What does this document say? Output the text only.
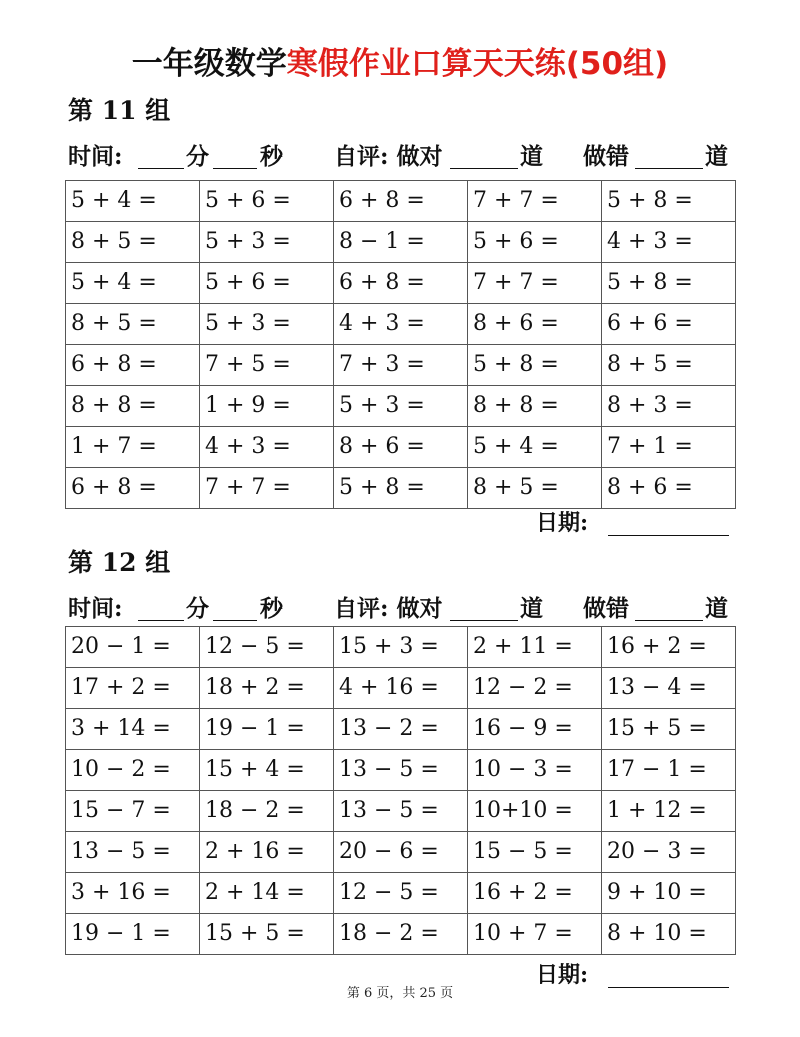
一年级数学寒假作业口算天天练(50组)
第 11 组
时间:	分 秒 自评: 做对	道 做错	道
5 + 4 =	5 + 6 =	6 + 8 =	7 + 7 =	5 + 8 =
8 + 5 =	5 + 3 =	8 − 1 =	5 + 6 =	4 + 3 =
5 + 4 =	5 + 6 =	6 + 8 =	7 + 7 =	5 + 8 =
8 + 5 =	5 + 3 =	4 + 3 =	8 + 6 =	6 + 6 =
6 + 8 =	7 + 5 =	7 + 3 =	5 + 8 =	8 + 5 =
8 + 8 =	1 + 9 =	5 + 3 =	8 + 8 =	8 + 3 =
1 + 7 =	4 + 3 =	8 + 6 =	5 + 4 =	7 + 1 =
6 + 8 =	7 + 7 =	5 + 8 =	8 + 5 =	8 + 6 =
日期:
第 12 组
时间:	分 秒 自评: 做对	道 做错	道
20 − 1 =	12 − 5 =	15 + 3 =	2 + 11 =	16 + 2 =
17 + 2 =	18 + 2 =	4 + 16 =	12 − 2 =	13 − 4 =
3 + 14 =	19 − 1 =	13 − 2 =	16 − 9 =	15 + 5 =
10 − 2 =	15 + 4 =	13 − 5 =	10 − 3 =	17 − 1 =
15 − 7 =	18 − 2 =	13 − 5 =	10+10 =	1 + 12 =
13 − 5 =	2 + 16 =	20 − 6 =	15 − 5 =	20 − 3 =
3 + 16 =	2 + 14 =	12 − 5 =	16 + 2 =	9 + 10 =
19 − 1 =	15 + 5 =	18 − 2 =	10 + 7 =	8 + 10 =
日期:
第 6 页，共 25 页
